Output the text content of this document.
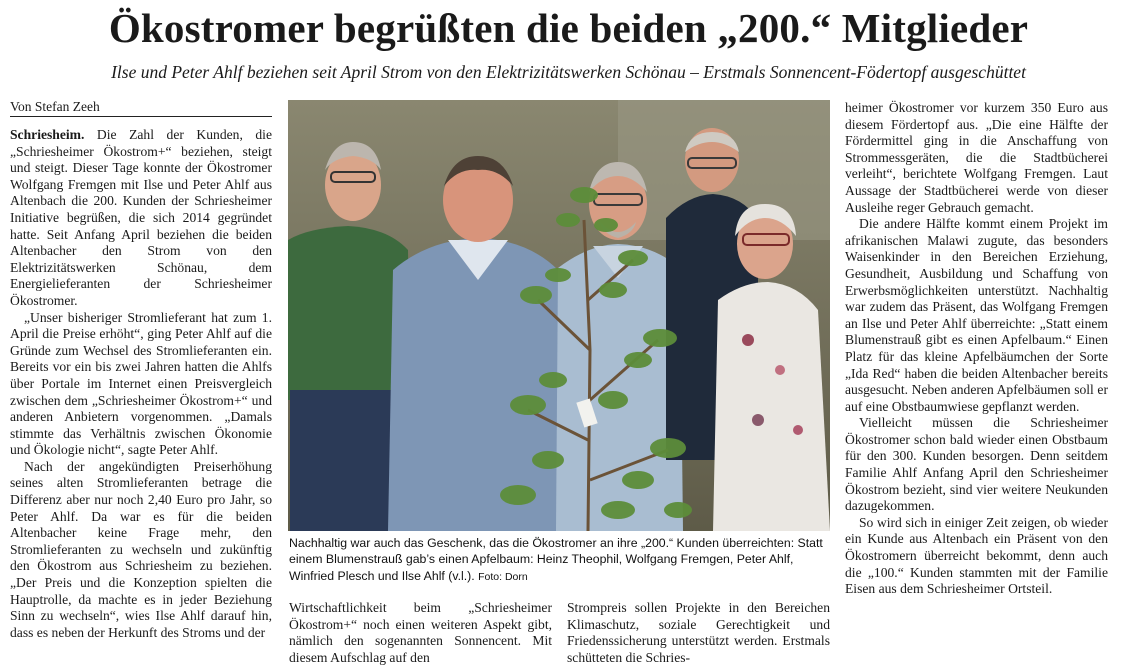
Ökostromer begrüßten die beiden „200.“ Mitglieder
Ilse und Peter Ahlf beziehen seit April Strom von den Elektrizitätswerken Schönau – Erstmals Sonnencent-Födertopf ausgeschüttet
Von Stefan Zeeh

Schriesheim. Die Zahl der Kunden, die „Schriesheimer Ökostrom+“ beziehen, steigt und steigt. Dieser Tage konnte der Ökostromer Wolfgang Fremgen mit Ilse und Peter Ahlf aus Altenbach die 200. Kunden der Schriesheimer Initiative begrüßen, die sich 2014 gegründet hatte. Seit Anfang April beziehen die beiden Altenbacher den Strom von den Elektrizitätswerken Schönau, dem Energielieferanten der Schriesheimer Ökostromer.

„Unser bisheriger Stromlieferant hat zum 1. April die Preise erhöht“, ging Peter Ahlf auf die Gründe zum Wechsel des Stromlieferanten ein. Bereits vor ein bis zwei Jahren hatten die Ahlfs über Portale im Internet einen Preisvergleich zwischen dem „Schriesheimer Ökostrom+“ und anderen Anbietern vorgenommen. „Damals stimmte das Verhältnis zwischen Ökonomie und Ökologie nicht“, sagte Peter Ahlf.

Nach der angekündigten Preiserhöhung seines alten Stromlieferanten betrage die Differenz aber nur noch 2,40 Euro pro Jahr, so Peter Ahlf. Da war es für die beiden Altenbacher keine Frage mehr, den Stromlieferanten zu wechseln und zukünftig den Ökostrom aus Schriesheim zu beziehen. „Der Preis und die Konzeption spielten die Hauptrolle, da machte es in jeder Beziehung Sinn zu wechseln“, wies Ilse Ahlf darauf hin, dass es neben der Herkunft des Stroms und der

Nachhaltig war auch das Geschenk, das die Ökostromer an ihre „200.“ Kunden überreichten: Statt einem Blumenstrauß gab’s einen Apfelbaum: Heinz Theophil, Wolfgang Fremgen, Peter Ahlf, Winfried Plesch und Ilse Ahlf (v.l.). Foto: Dorn

Wirtschaftlichkeit beim „Schriesheimer Ökostrom+“ noch einen weiteren Aspekt gibt, nämlich den sogenannten Sonnencent. Mit diesem Aufschlag auf den

Strompreis sollen Projekte in den Bereichen Klimaschutz, soziale Gerechtigkeit und Friedenssicherung unterstützt werden. Erstmals schütteten die Schries-

heimer Ökostromer vor kurzem 350 Euro aus diesem Fördertopf aus. „Die eine Hälfte der Fördermittel ging in die Anschaffung von Strommessgeräten, die die Stadtbücherei verleiht“, berichtete Wolfgang Fremgen. Laut Aussage der Stadtbücherei werde von dieser Ausleihe reger Gebrauch gemacht.

Die andere Hälfte kommt einem Projekt im afrikanischen Malawi zugute, das besonders Waisenkinder in den Bereichen Erziehung, Gesundheit, Ausbildung und Schaffung von Erwerbsmöglichkeiten unterstützt. Nachhaltig war zudem das Präsent, das Wolfgang Fremgen an Ilse und Peter Ahlf überreichte: „Statt einem Blumenstrauß gibt es einen Apfelbaum.“ Einen Platz für das kleine Apfelbäumchen der Sorte „Ida Red“ haben die beiden Altenbacher bereits ausgesucht. Neben anderen Apfelbäumen soll er auf eine Obstbaumwiese gepflanzt werden.

Vielleicht müssen die Schriesheimer Ökostromer schon bald wieder einen Obstbaum für den 300. Kunden besorgen. Denn seitdem Familie Ahlf Anfang April den Schriesheimer Ökostrom bezieht, sind vier weitere Neukunden dazugekommen.

So wird sich in einiger Zeit zeigen, ob wieder ein Kunde aus Altenbach ein Präsent von den Ökostromern überreicht bekommt, denn auch die „100.“ Kunden stammten mit der Familie Eisen aus dem Schriesheimer Ortsteil.
